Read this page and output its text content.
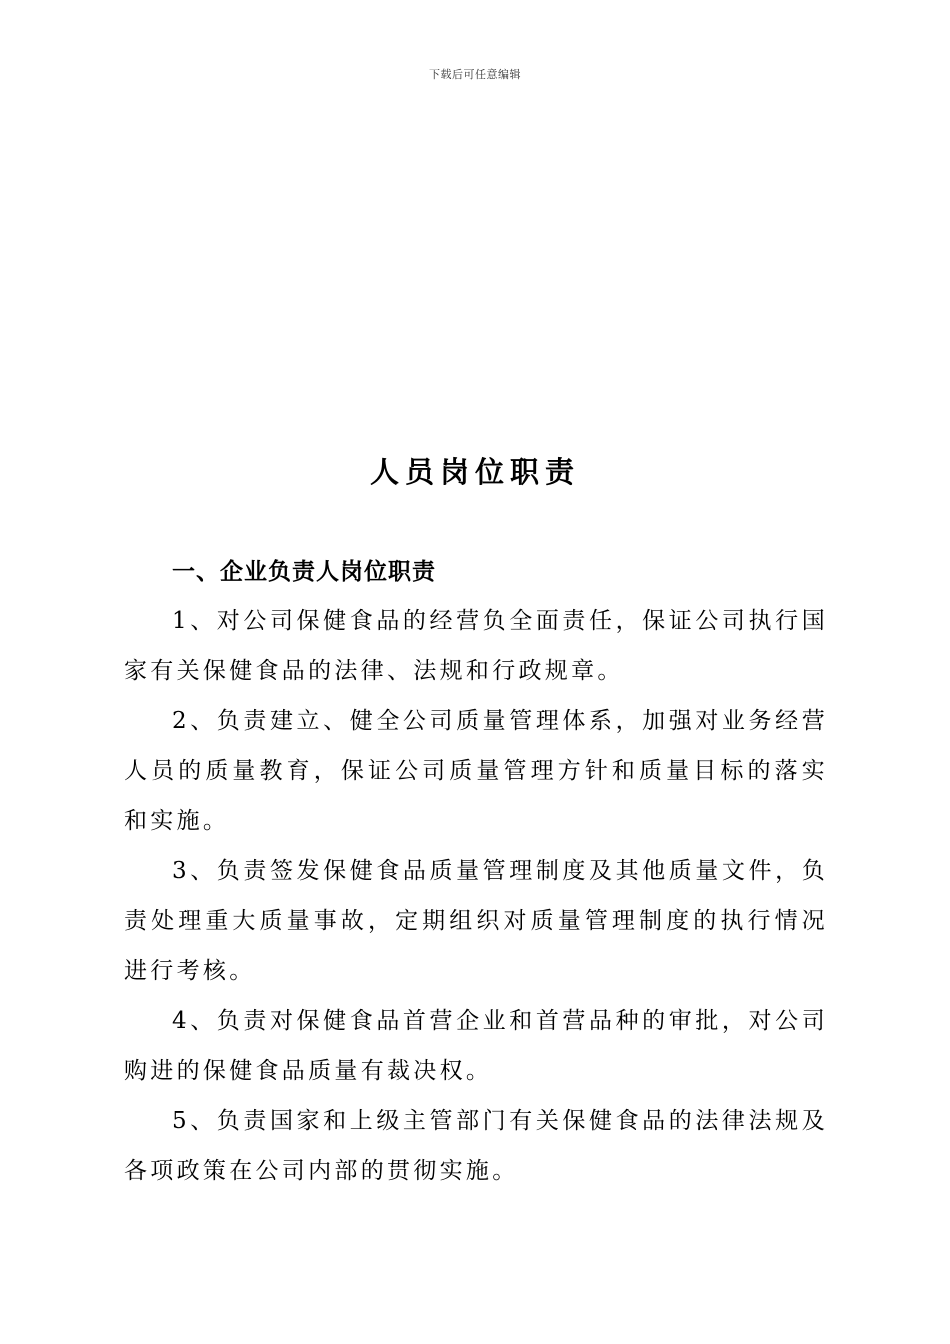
下载后可任意编辑
人员岗位职责

一、企业负责人岗位职责

1、对公司保健食品的经营负全面责任，保证公司执行国家有关保健食品的法律、法规和行政规章。

2、负责建立、健全公司质量管理体系，加强对业务经营人员的质量教育，保证公司质量管理方针和质量目标的落实和实施。

3、负责签发保健食品质量管理制度及其他质量文件，负责处理重大质量事故，定期组织对质量管理制度的执行情况进行考核。

4、负责对保健食品首营企业和首营品种的审批，对公司购进的保健食品质量有裁决权。

5、负责国家和上级主管部门有关保健食品的法律法规及各项政策在公司内部的贯彻实施。
